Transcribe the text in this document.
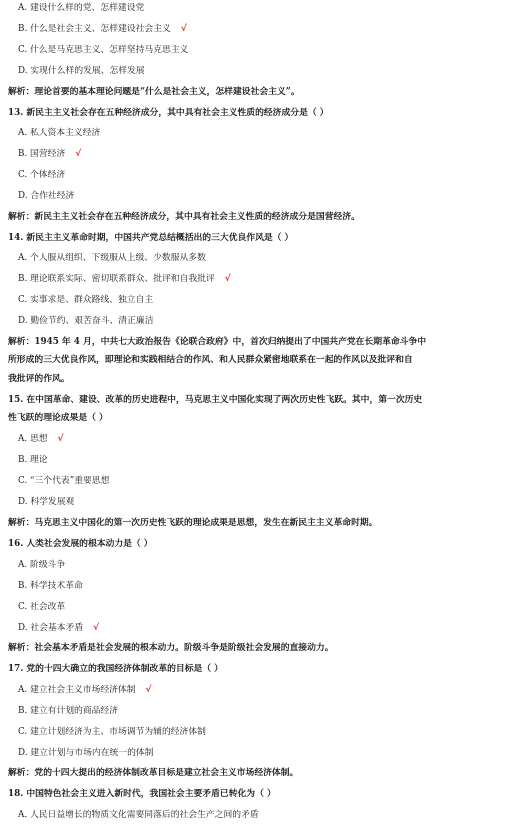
A. 建设什么样的党、怎样建设党
B. 什么是社会主义、怎样建设社会主义 √
C. 什么是马克思主义、怎样坚持马克思主义
D. 实现什么样的发展、怎样发展
解析：理论首要的基本理论问题是“什么是社会主义，怎样建设社会主义”。
13. 新民主主义社会存在五种经济成分，其中具有社会主义性质的经济成分是（ ）
A. 私人资本主义经济
B. 国营经济 √
C. 个体经济
D. 合作社经济
解析：新民主主义社会存在五种经济成分，其中具有社会主义性质的经济成分是国营经济。
14. 新民主主义革命时期，中国共产党总结概括出的三大优良作风是（ ）
A. 个人服从组织、下级服从上级、少数服从多数
B. 理论联系实际、密切联系群众、批评和自我批评 √
C. 实事求是、群众路线、独立自主
D. 勤俭节约、艰苦奋斗、清正廉洁
解析：1945 年 4 月，中共七大政治报告《论联合政府》中，首次归纳提出了中国共产党在长期革命斗争中
所形成的三大优良作风，即理论和实践相结合的作风、和人民群众紧密地联系在一起的作风以及批评和自
我批评的作风。
15. 在中国革命、建设、改革的历史进程中，马克思主义中国化实现了两次历史性飞跃。其中，第一次历史
性飞跃的理论成果是（ ）
A. 思想 √
B. 理论
C. “三个代表”重要思想
D. 科学发展观
解析：马克思主义中国化的第一次历史性飞跃的理论成果是思想，发生在新民主主义革命时期。
16. 人类社会发展的根本动力是（ ）
A. 阶级斗争
B. 科学技术革命
C. 社会改革
D. 社会基本矛盾 √
解析：社会基本矛盾是社会发展的根本动力。阶级斗争是阶级社会发展的直接动力。
17. 党的十四大确立的我国经济体制改革的目标是（ ）
A. 建立社会主义市场经济体制 √
B. 建立有计划的商品经济
C. 建立计划经济为主、市场调节为辅的经济体制
D. 建立计划与市场内在统一的体制
解析：党的十四大提出的经济体制改革目标是建立社会主义市场经济体制。
18. 中国特色社会主义进入新时代，我国社会主要矛盾已转化为（ ）
A. 人民日益增长的物质文化需要同落后的社会生产之间的矛盾
